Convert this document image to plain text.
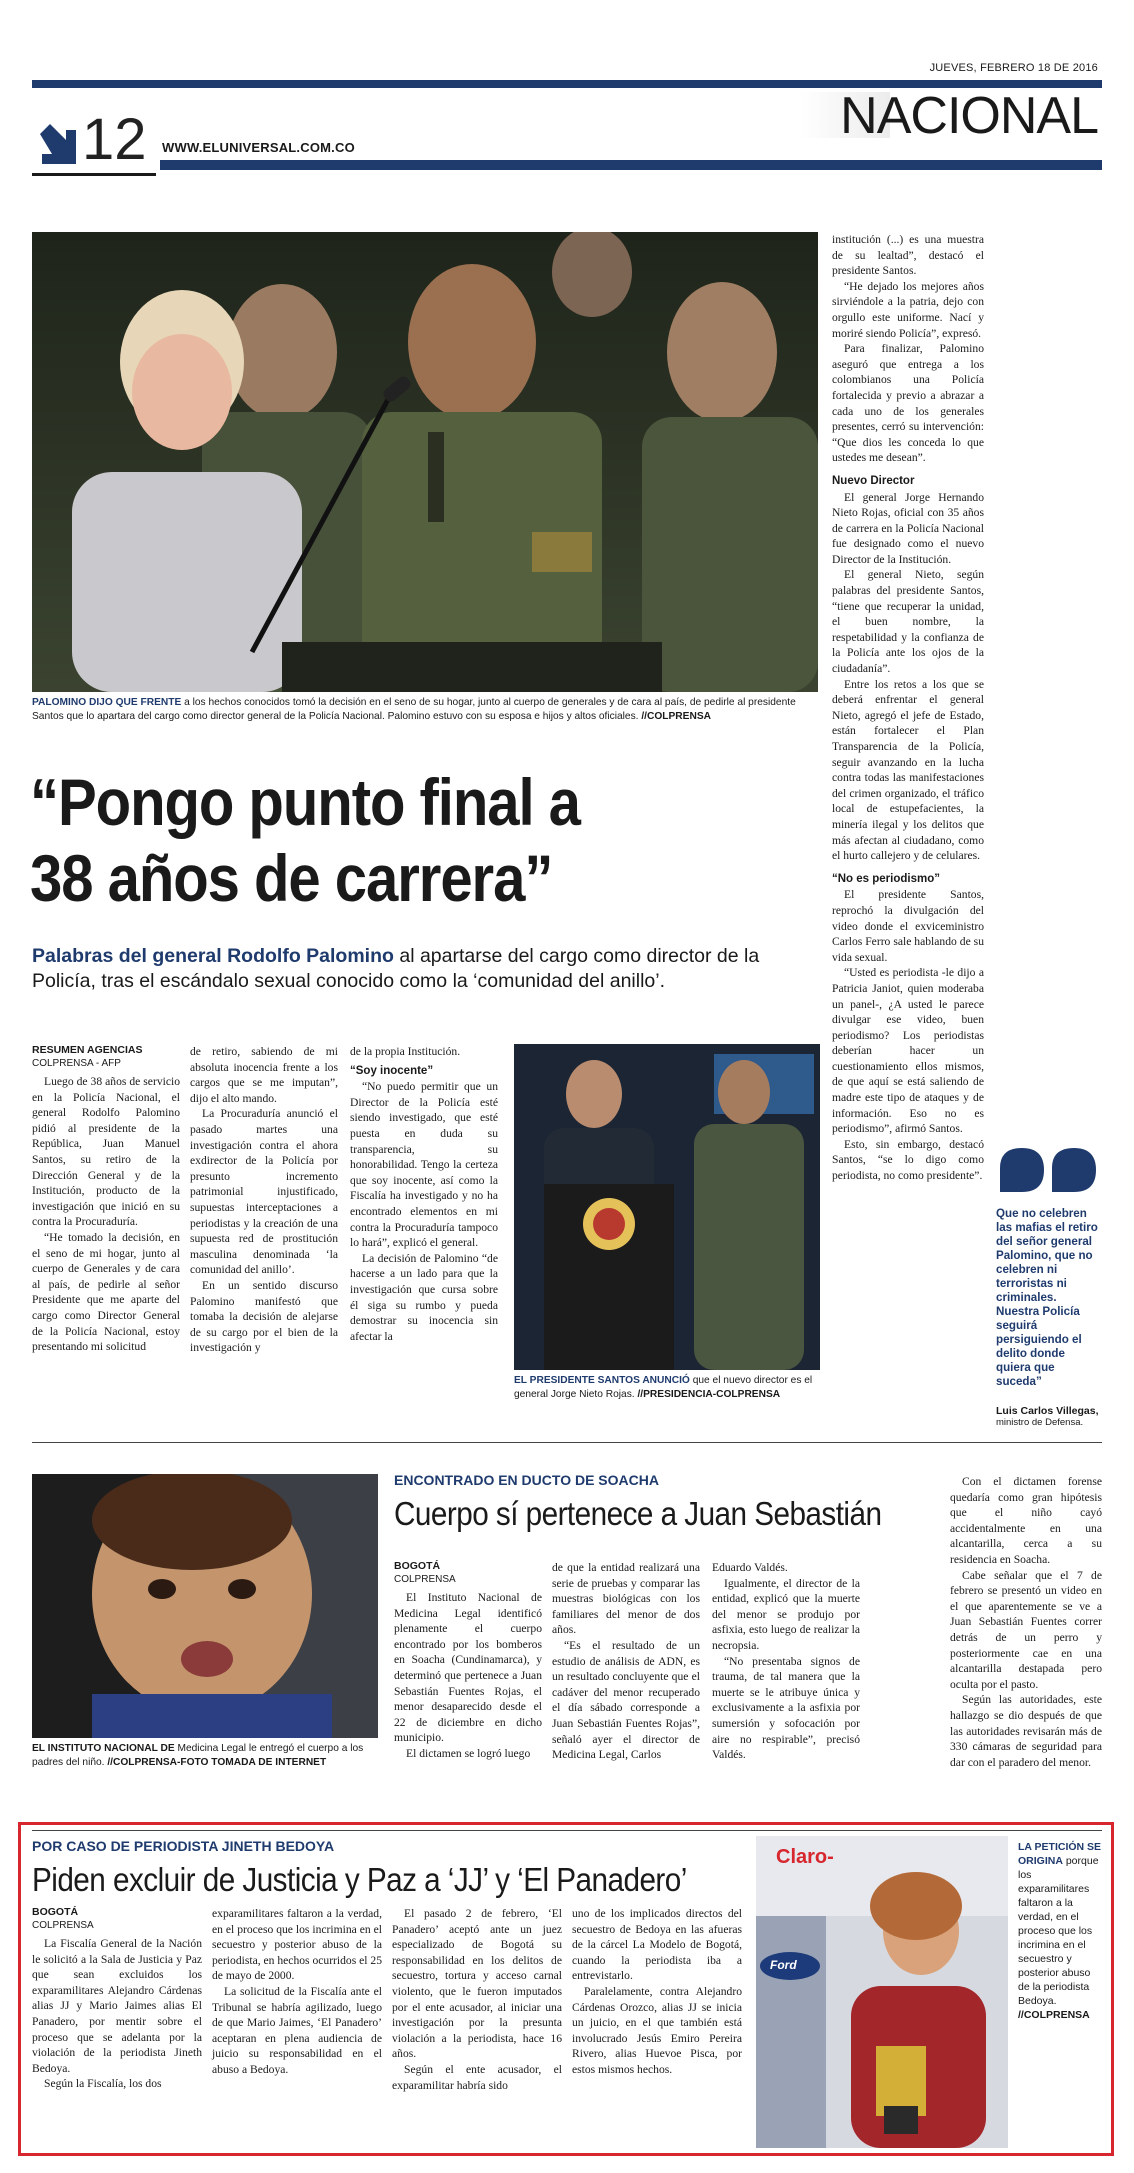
JUEVES, FEBRERO 18 DE 2016
12 WWW.ELUNIVERSAL.COM.CO
NACIONAL
PALOMINO DIJO QUE FRENTE a los hechos conocidos tomó la decisión en el seno de su hogar, junto al cuerpo de generales y de cara al país, de pedirle al presidente Santos que lo apartara del cargo como director general de la Policía Nacional. Palomino estuvo con su esposa e hijos y altos oficiales. //COLPRENSA
“Pongo punto final a
38 años de carrera”
Palabras del general Rodolfo Palomino al apartarse del cargo como director de la Policía, tras el escándalo sexual conocido como la ‘comunidad del anillo’.
RESUMEN AGENCIAS
COLPRENSA - AFP

Luego de 38 años de servicio en la Policía Nacional, el general Rodolfo Palomino pidió al presidente de la República, Juan Manuel Santos, su retiro de la Dirección General y de la Institución, producto de la investigación que inició en su contra la Procuraduría.

“He tomado la decisión, en el seno de mi hogar, junto al cuerpo de Generales y de cara al país, de pedirle al señor Presidente que me aparte del cargo como Director General de la Policía Nacional, estoy presentando mi solicitud

de retiro, sabiendo de mi absoluta inocencia frente a los cargos que se me imputan”, dijo el alto mando.

La Procuraduría anunció el pasado martes una investigación contra el ahora exdirector de la Policía por presunto incremento patrimonial injustificado, supuestas interceptaciones a periodistas y la creación de una supuesta red de prostitución masculina denominada ‘la comunidad del anillo’.

En un sentido discurso Palomino manifestó que tomaba la decisión de alejarse de su cargo por el bien de la investigación y

de la propia Institución.

“Soy inocente”

“No puedo permitir que un Director de la Policía esté siendo investigado, que esté puesta en duda su transparencia, su honorabilidad. Tengo la certeza que soy inocente, así como la Fiscalía ha investigado y no ha encontrado elementos en mi contra la Procuraduría tampoco lo hará”, explicó el general.

La decisión de Palomino “de hacerse a un lado para que la investigación que cursa sobre él siga su rumbo y pueda demostrar su inocencia sin afectar la

EL PRESIDENTE SANTOS ANUNCIÓ que el nuevo director es el general Jorge Nieto Rojas. //PRESIDENCIA-COLPRENSA

institución (...) es una muestra de su lealtad”, destacó el presidente Santos.

“He dejado los mejores años sirviéndole a la patria, dejo con orgullo este uniforme. Nací y moriré siendo Policía”, expresó.

Para finalizar, Palomino aseguró que entrega a los colombianos una Policía fortalecida y previo a abrazar a cada uno de los generales presentes, cerró su intervención: “Que dios les conceda lo que ustedes me desean”.

Nuevo Director

El general Jorge Hernando Nieto Rojas, oficial con 35 años de carrera en la Policía Nacional fue designado como el nuevo Director de la Institución.

El general Nieto, según palabras del presidente Santos, “tiene que recuperar la unidad, el buen nombre, la respetabilidad y la confianza de la Policía ante los ojos de la ciudadanía”.

Entre los retos a los que se deberá enfrentar el general Nieto, agregó el jefe de Estado, están fortalecer el Plan Transparencia de la Policía, seguir avanzando en la lucha contra todas las manifestaciones del crimen organizado, el tráfico local de estupefacientes, la minería ilegal y los delitos que más afectan al ciudadano, como el hurto callejero y de celulares.

“No es periodismo”

El presidente Santos, reprochó la divulgación del video donde el exviceministro Carlos Ferro sale hablando de su vida sexual.

“Usted es periodista -le dijo a Patricia Janiot, quien moderaba un panel-, ¿A usted le parece divulgar ese video, buen periodismo? Los periodistas deberían hacer un cuestionamiento ellos mismos, de que aquí se está saliendo de madre este tipo de ataques y de información. Eso no es periodismo”, afirmó Santos.

Esto, sin embargo, destacó Santos, “se lo digo como periodista, no como presidente”.

Que no celebren las mafias el retiro del señor general Palomino, que no celebren ni terroristas ni criminales. Nuestra Policía seguirá persiguiendo el delito donde quiera que suceda”
Luis Carlos Villegas,
ministro de Defensa.
EL INSTITUTO NACIONAL DE Medicina Legal le entregó el cuerpo a los padres del niño. //COLPRENSA-FOTO TOMADA DE INTERNET
ENCONTRADO EN DUCTO DE SOACHA
Cuerpo sí pertenece a Juan Sebastián
BOGOTÁ
COLPRENSA

El Instituto Nacional de Medicina Legal identificó plenamente el cuerpo encontrado por los bomberos en Soacha (Cundinamarca), y determinó que pertenece a Juan Sebastián Fuentes Rojas, el menor desaparecido desde el 22 de diciembre en dicho municipio.

El dictamen se logró luego

de que la entidad realizará una serie de pruebas y comparar las muestras biológicas con los familiares del menor de dos años.

“Es el resultado de un estudio de análisis de ADN, es un resultado concluyente que el cadáver del menor recuperado el día sábado corresponde a Juan Sebastián Fuentes Rojas”, señaló ayer el director de Medicina Legal, Carlos

Eduardo Valdés.

Igualmente, el director de la entidad, explicó que la muerte del menor se produjo por asfixia, esto luego de realizar la necropsia.

“No presentaba signos de trauma, de tal manera que la muerte se le atribuye única y exclusivamente a la asfixia por sumersión y sofocación por aire no respirable”, precisó Valdés.

Con el dictamen forense quedaría como gran hipótesis que el niño cayó accidentalmente en una alcantarilla, cerca a su residencia en Soacha.

Cabe señalar que el 7 de febrero se presentó un video en el que aparentemente se ve a Juan Sebastián Fuentes correr detrás de un perro y posteriormente cae en una alcantarilla destapada pero oculta por el pasto.

Según las autoridades, este hallazgo se dio después de que las autoridades revisarán más de 330 cámaras de seguridad para dar con el paradero del menor.

POR CASO DE PERIODISTA JINETH BEDOYA
Piden excluir de Justicia y Paz a ‘JJ’ y ‘El Panadero’
BOGOTÁ
COLPRENSA

La Fiscalía General de la Nación le solicitó a la Sala de Justicia y Paz que sean excluidos los exparamilitares Alejandro Cárdenas alias JJ y Mario Jaimes alias El Panadero, por mentir sobre el proceso que se adelanta por la violación de la periodista Jineth Bedoya.

Según la Fiscalía, los dos

exparamilitares faltaron a la verdad, en el proceso que los incrimina en el secuestro y posterior abuso de la periodista, en hechos ocurridos el 25 de mayo de 2000.

La solicitud de la Fiscalía ante el Tribunal se habría agilizado, luego de que Mario Jaimes, ‘El Panadero’ aceptaran en plena audiencia de juicio su responsabilidad en el abuso a Bedoya.

El pasado 2 de febrero, ‘El Panadero’ aceptó ante un juez especializado de Bogotá su responsabilidad en los delitos de secuestro, tortura y acceso carnal violento, que le fueron imputados por el ente acusador, al iniciar una investigación por la presunta violación a la periodista, hace 16 años.

Según el ente acusador, el exparamilitar habría sido

uno de los implicados directos del secuestro de Bedoya en las afueras de la cárcel La Modelo de Bogotá, cuando la periodista iba a entrevistarlo.

Paralelamente, contra Alejandro Cárdenas Orozco, alias JJ se inicia un juicio, en el que también está involucrado Jesús Emiro Pereira Rivero, alias Huevoe Pisca, por estos mismos hechos.

Claro-
Ford
LA PETICIÓN SE ORIGINA porque los exparamilitares faltaron a la verdad, en el proceso que los incrimina en el secuestro y posterior abuso de la periodista Bedoya. //COLPRENSA
